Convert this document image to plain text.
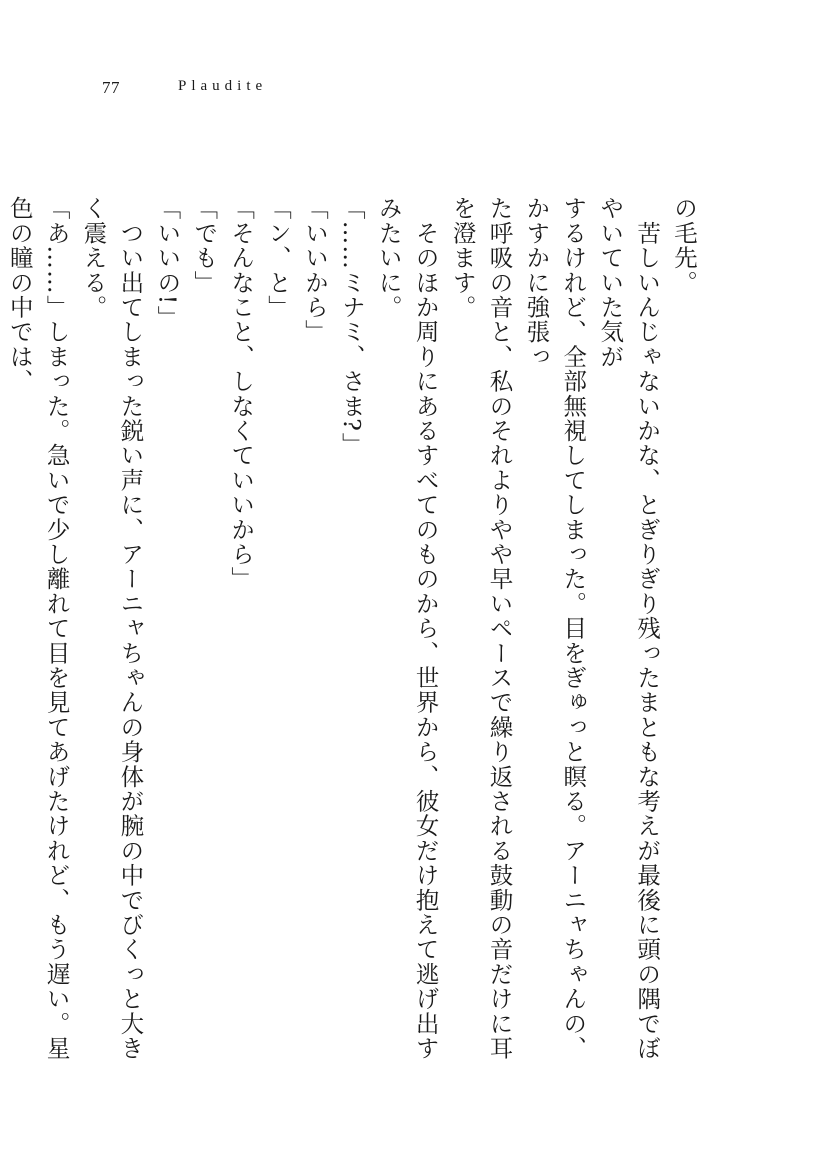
77	Plaudite

の毛先。

　苦しいんじゃないかな、とぎりぎり残ったまともな考えが最後に頭の隅でぼやいていた気が

するけれど、全部無視してしまった。目をぎゅっと瞑る。アーニャちゃんの、かすかに強張っ

た呼吸の音と、私のそれよりやや早いペースで繰り返される鼓動の音だけに耳を澄ます。

　そのほか周りにあるすべてのものから、世界から、彼女だけ抱えて逃げ出すみたいに。

「……ミナミ、さま?」

「いいから」

「ン、と」

「そんなこと、しなくていいから」

「でも」

「いいの!」

　つい出てしまった鋭い声に、アーニャちゃんの身体が腕の中でびくっと大きく震える。

「あ……」しまった。急いで少し離れて目を見てあげたけれど、もう遅い。星色の瞳の中では、
